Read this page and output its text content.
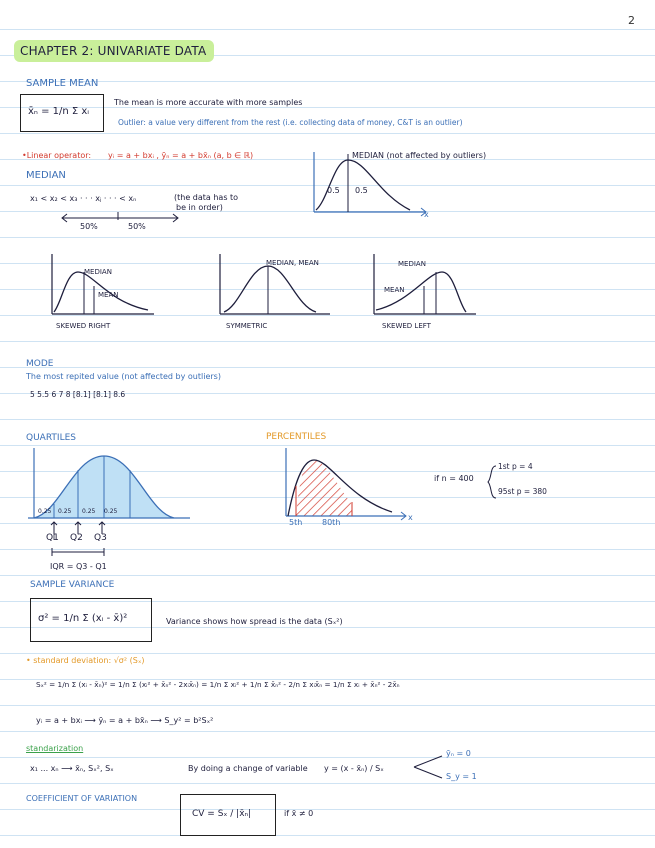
2
CHAPTER 2: UNIVARIATE DATA
SAMPLE MEAN
x̄ₙ = 1/n Σ xᵢ
The mean is more accurate with more samples
Outlier: a value very different from the rest (i.e. collecting data of money, C&T is an outlier)
•Linear operator: yᵢ = a + bxᵢ , ȳₙ = a + bx̄ₙ (a, b ∈ ℝ)
MEDIAN
x₁ < x₂ < x₃ · · · xⱼ · · · < xₙ	(the data has to
be in order)
50%	50%
MEDIAN (not affected by outliers)
0.5 0.5
x
MEDIAN
MEAN
SKEWED RIGHT
MEDIAN, MEAN
SYMMETRIC
MEDIAN
MEAN
SKEWED LEFT
MODE
The most repited value (not affected by outliers)
5 5.5 6 7 8 [8.1] [8.1] 8.6
QUARTILES
0.25 0.25 0.25 0.25
Q1 Q2 Q3
IQR = Q3 - Q1
PERCENTILES
5th 80th
x
if n = 400
1st p = 4
95st p = 380
SAMPLE VARIANCE
σ² = 1/n Σ (xᵢ - x̄)²	Variance shows how spread is the data (Sₓ²)
• standard deviation: √σ² (Sₓ)
Sₓ² = 1/n Σ (xᵢ - x̄ₙ)² = 1/n Σ (xᵢ² + x̄ₙ² - 2xᵢx̄ₙ) = 1/n Σ xᵢ² + 1/n Σ x̄ₙ² - 2/n Σ xᵢx̄ₙ = 1/n Σ xᵢ + x̄ₙ² - 2x̄ₙ
yᵢ = a + bxᵢ ⟶ ȳₙ = a + bx̄ₙ ⟶ S_y² = b²Sₓ²
standarization
x₁ ... xₙ ⟶ x̄ₙ, Sₓ², Sₓ	By doing a change of variable y = (x - x̄ₙ) / Sₓ
ȳₙ = 0
S_y = 1
COEFFICIENT OF VARIATION
CV = Sₓ / |x̄ₙ|	if x̄ ≠ 0
